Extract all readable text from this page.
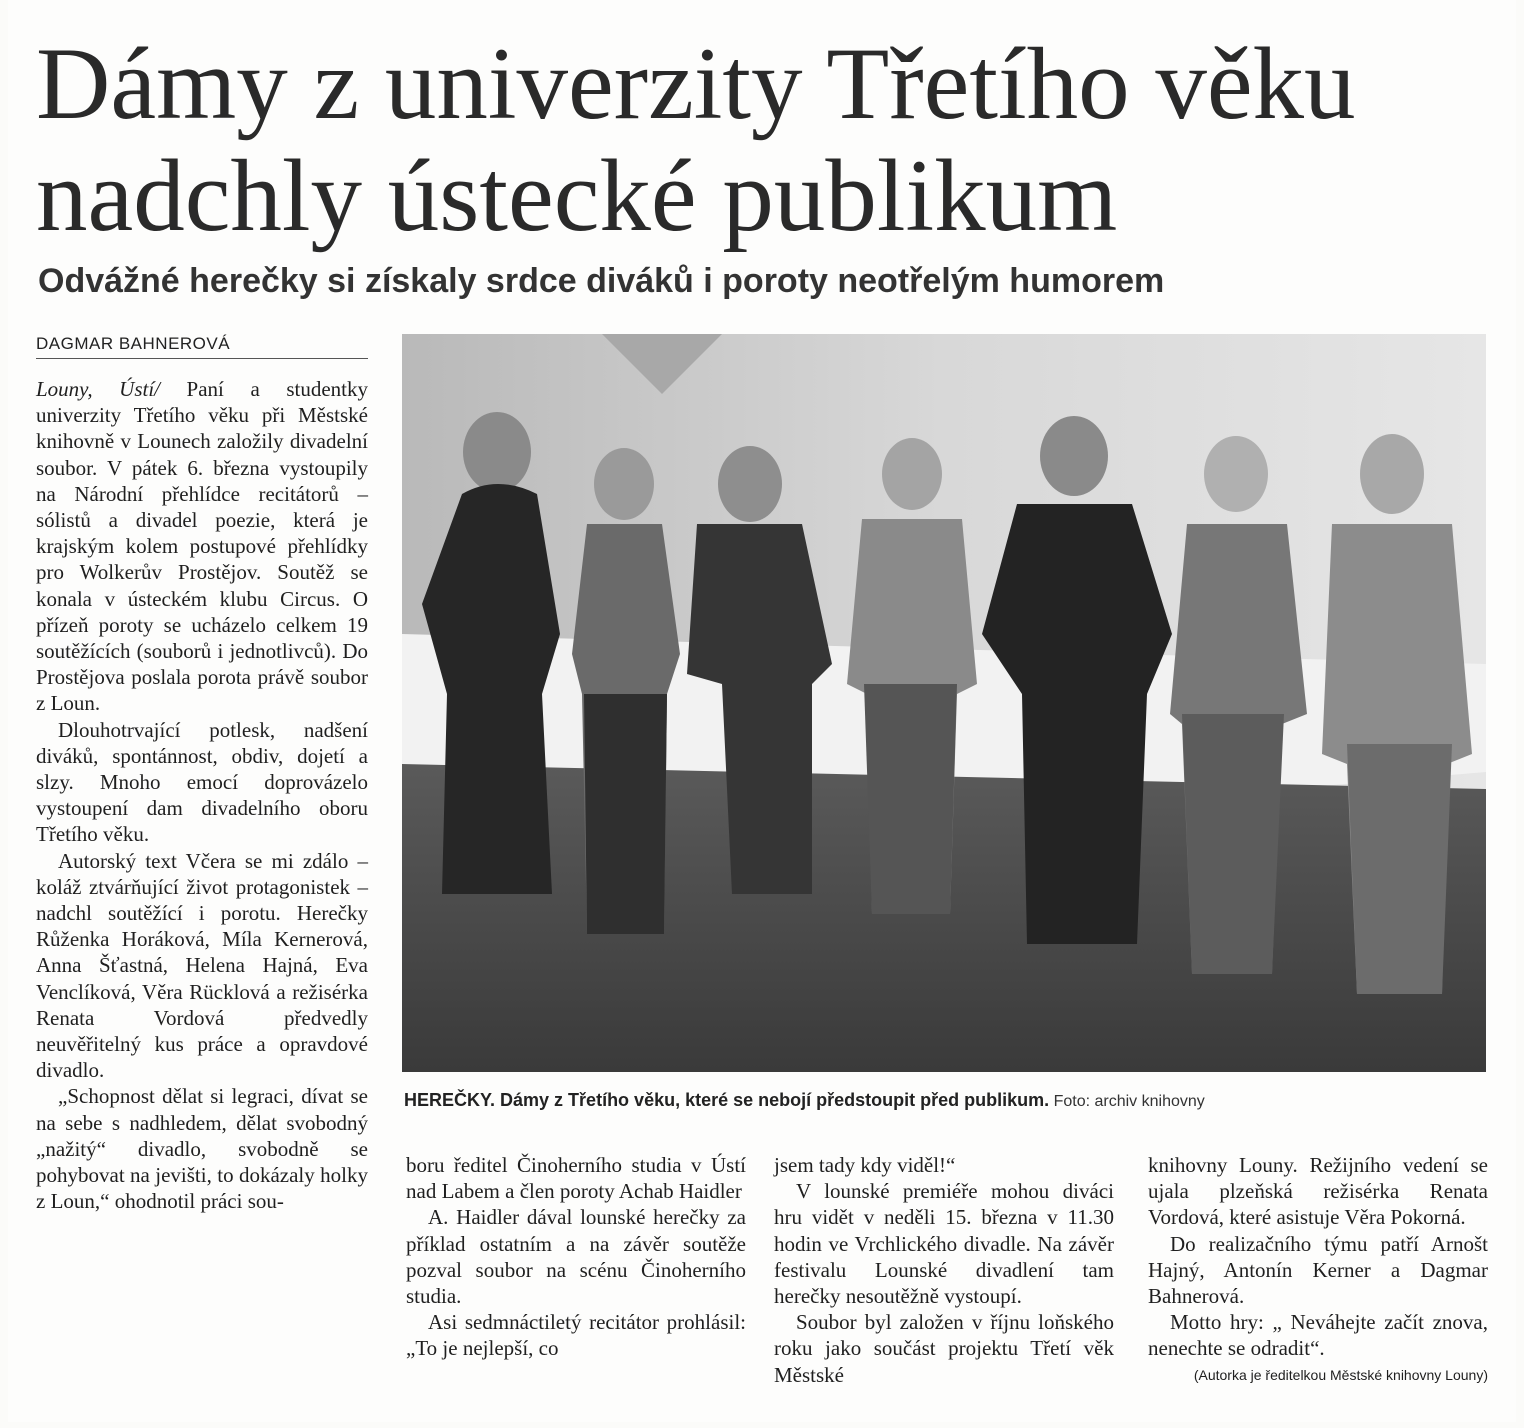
Dámy z univerzity Třetího věku
nadchly ústecké publikum
Odvážné herečky si získaly srdce diváků i poroty neotřelým humorem
DAGMAR BAHNEROVÁ

Louny, Ústí/ Paní a studentky univerzity Třetího věku při Městské knihovně v Lounech založily divadelní soubor. V pátek 6. března vystoupily na Národní přehlídce recitátorů – sólistů a divadel poezie, která je krajským kolem postupové přehlídky pro Wolkerův Prostějov. Soutěž se konala v ústeckém klubu Circus. O přízeň poroty se ucházelo celkem 19 soutěžících (souborů i jednotlivců). Do Prostějova poslala porota právě soubor z Loun.

Dlouhotrvající potlesk, nadšení diváků, spontánnost, obdiv, dojetí a slzy. Mnoho emocí doprovázelo vystoupení dam divadelního oboru Třetího věku.

Autorský text Včera se mi zdálo – koláž ztvárňující život protagonistek – nadchl soutěžící i porotu. Herečky Růženka Horáková, Míla Kernerová, Anna Šťastná, Helena Hajná, Eva Venclíková, Věra Rücklová a režisérka Renata Vordová předvedly neuvěřitelný kus práce a opravdové divadlo.

„Schopnost dělat si legraci, dívat se na sebe s nadhledem, dělat svobodný „nažitý“ divadlo, svobodně se pohybovat na jevišti, to dokázaly holky z Loun,“ ohodnotil práci sou-

HEREČKY. Dámy z Třetího věku, které se nebojí předstoupit před publikum. Foto: archiv knihovny

boru ředitel Činoherního studia v Ústí nad Labem a člen poroty Achab Haidler

A. Haidler dával lounské herečky za příklad ostatním a na závěr soutěže pozval soubor na scénu Činoherního studia.

Asi sedmnáctiletý recitátor prohlásil: „To je nejlepší, co

jsem tady kdy viděl!“

V lounské premiéře mohou diváci hru vidět v neděli 15. března v 11.30 hodin ve Vrchlického divadle. Na závěr festivalu Lounské divadlení tam herečky nesoutěžně vystoupí.

Soubor byl založen v říjnu loňského roku jako součást projektu Třetí věk Městské

knihovny Louny. Režijního vedení se ujala plzeňská režisérka Renata Vordová, které asistuje Věra Pokorná.

Do realizačního týmu patří Arnošt Hajný, Antonín Kerner a Dagmar Bahnerová.

Motto hry: „ Neváhejte začít znova, nenechte se odradit“.

(Autorka je ředitelkou Městské knihovny Louny)
